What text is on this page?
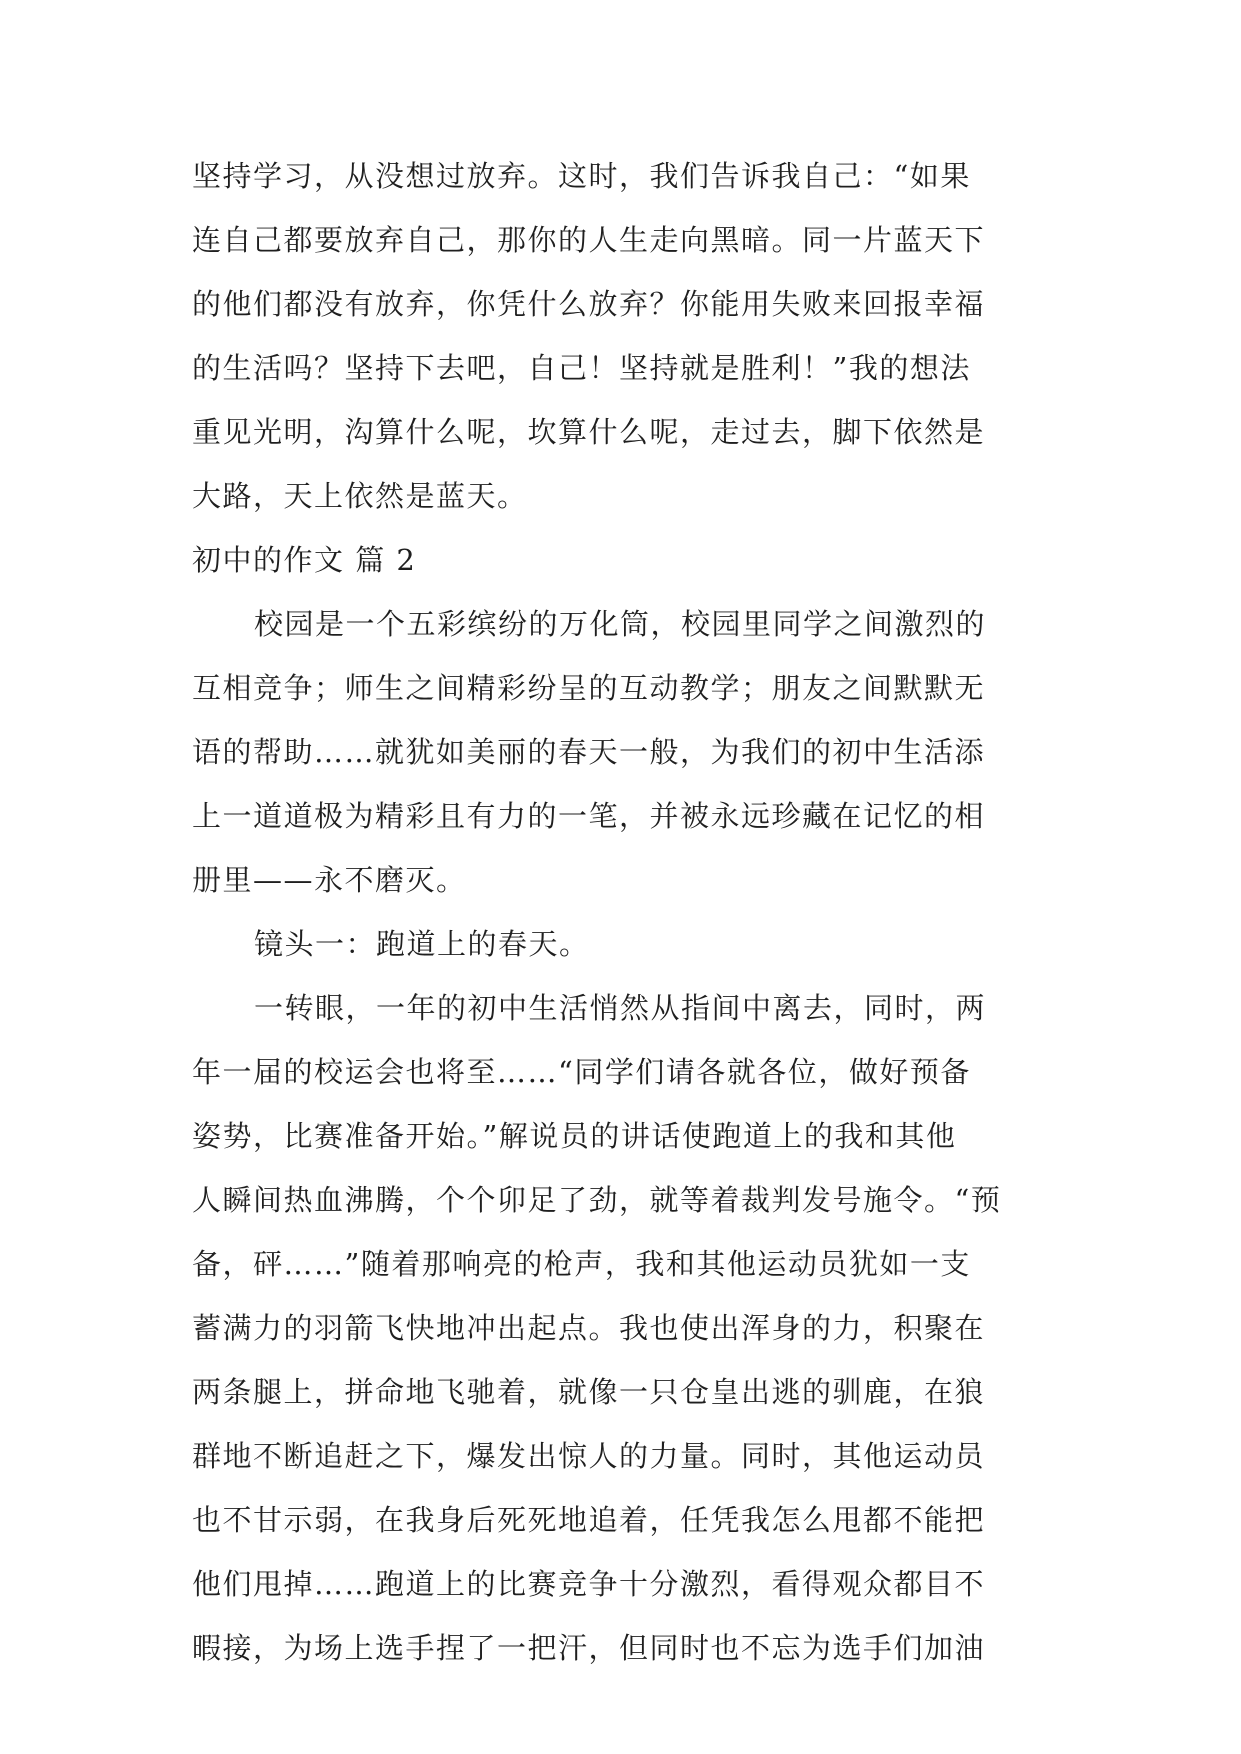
坚持学习，从没想过放弃。这时，我们告诉我自己：“如果
连自己都要放弃自己，那你的人生走向黑暗。同一片蓝天下
的他们都没有放弃，你凭什么放弃？你能用失败来回报幸福
的生活吗？坚持下去吧，自己！坚持就是胜利！”我的想法
重见光明，沟算什么呢，坎算什么呢，走过去，脚下依然是
大路，天上依然是蓝天。
初中的作文 篇 2
校园是一个五彩缤纷的万化筒，校园里同学之间激烈的
互相竞争；师生之间精彩纷呈的互动教学；朋友之间默默无
语的帮助……就犹如美丽的春天一般，为我们的初中生活添
上一道道极为精彩且有力的一笔，并被永远珍藏在记忆的相
册里——永不磨灭。
镜头一：跑道上的春天。
一转眼，一年的初中生活悄然从指间中离去，同时，两
年一届的校运会也将至……“同学们请各就各位，做好预备
姿势，比赛准备开始。”解说员的讲话使跑道上的我和其他
人瞬间热血沸腾，个个卯足了劲，就等着裁判发号施令。“预
备，砰……”随着那响亮的枪声，我和其他运动员犹如一支
蓄满力的羽箭飞快地冲出起点。我也使出浑身的力，积聚在
两条腿上，拼命地飞驰着，就像一只仓皇出逃的驯鹿，在狼
群地不断追赶之下，爆发出惊人的力量。同时，其他运动员
也不甘示弱，在我身后死死地追着，任凭我怎么甩都不能把
他们甩掉……跑道上的比赛竞争十分激烈，看得观众都目不
暇接，为场上选手捏了一把汗，但同时也不忘为选手们加油
